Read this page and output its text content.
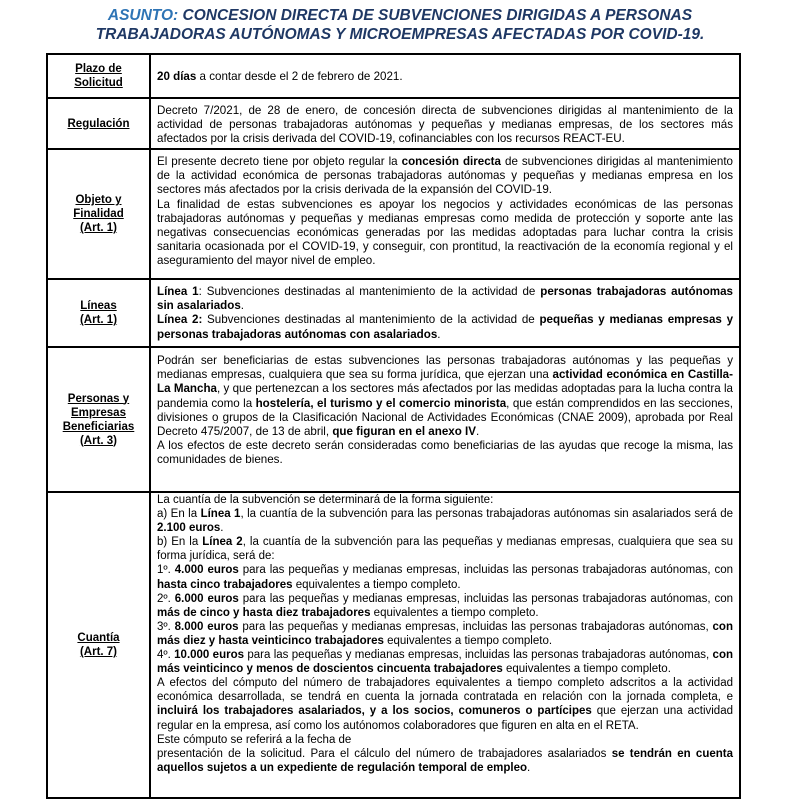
ASUNTO: CONCESION DIRECTA DE SUBVENCIONES DIRIGIDAS A PERSONAS
TRABAJADORAS AUTÓNOMAS Y MICROEMPRESAS AFECTADAS POR COVID-19.
Plazo de
Solicitud

20 días a contar desde el 2 de febrero de 2021.

Regulación

Decreto 7/2021, de 28 de enero, de concesión directa de subvenciones dirigidas al mantenimiento de la actividad de personas trabajadoras autónomas y pequeñas y medianas empresas, de los sectores más afectados por la crisis derivada del COVID-19, cofinanciables con los recursos REACT-EU.

Objeto y
Finalidad
(Art. 1)

El presente decreto tiene por objeto regular la concesión directa de subvenciones dirigidas al mantenimiento de la actividad económica de personas trabajadoras autónomas y pequeñas y medianas empresa en los sectores más afectados por la crisis derivada de la expansión del COVID-19.

La finalidad de estas subvenciones es apoyar los negocios y actividades económicas de las personas trabajadoras autónomas y pequeñas y medianas empresas como medida de protección y soporte ante las negativas consecuencias económicas generadas por las medidas adoptadas para luchar contra la crisis sanitaria ocasionada por el COVID-19, y conseguir, con prontitud, la reactivación de la economía regional y el aseguramiento del mayor nivel de empleo.

Líneas
(Art. 1)

Línea 1: Subvenciones destinadas al mantenimiento de la actividad de personas trabajadoras autónomas sin asalariados.

Línea 2: Subvenciones destinadas al mantenimiento de la actividad de pequeñas y medianas empresas y personas trabajadoras autónomas con asalariados.

Personas y
Empresas
Beneficiarias
(Art. 3)

Podrán ser beneficiarias de estas subvenciones las personas trabajadoras autónomas y las pequeñas y medianas empresas, cualquiera que sea su forma jurídica, que ejerzan una actividad económica en Castilla-La Mancha, y que pertenezcan a los sectores más afectados por las medidas adoptadas para la lucha contra la pandemia como la hostelería, el turismo y el comercio minorista, que están comprendidos en las secciones, divisiones o grupos de la Clasificación Nacional de Actividades Económicas (CNAE 2009), aprobada por Real Decreto 475/2007, de 13 de abril, que figuran en el anexo IV.

A los efectos de este decreto serán consideradas como beneficiarias de las ayudas que recoge la misma, las comunidades de bienes.

Cuantía
(Art. 7)

La cuantía de la subvención se determinará de la forma siguiente:

a) En la Línea 1, la cuantía de la subvención para las personas trabajadoras autónomas sin asalariados será de 2.100 euros.

b) En la Línea 2, la cuantía de la subvención para las pequeñas y medianas empresas, cualquiera que sea su forma jurídica, será de:

1º. 4.000 euros para las pequeñas y medianas empresas, incluidas las personas trabajadoras autónomas, con hasta cinco trabajadores equivalentes a tiempo completo.

2º. 6.000 euros para las pequeñas y medianas empresas, incluidas las personas trabajadoras autónomas, con más de cinco y hasta diez trabajadores equivalentes a tiempo completo.

3º. 8.000 euros para las pequeñas y medianas empresas, incluidas las personas trabajadoras autónomas, con más diez y hasta veinticinco trabajadores equivalentes a tiempo completo.

4º. 10.000 euros para las pequeñas y medianas empresas, incluidas las personas trabajadoras autónomas, con más veinticinco y menos de doscientos cincuenta trabajadores equivalentes a tiempo completo.

A efectos del cómputo del número de trabajadores equivalentes a tiempo completo adscritos a la actividad económica desarrollada, se tendrá en cuenta la jornada contratada en relación con la jornada completa, e incluirá los trabajadores asalariados, y a los socios, comuneros o partícipes que ejerzan una actividad regular en la empresa, así como los autónomos colaboradores que figuren en alta en el RETA.

Este cómputo se referirá a la fecha de

presentación de la solicitud. Para el cálculo del número de trabajadores asalariados se tendrán en cuenta aquellos sujetos a un expediente de regulación temporal de empleo.
